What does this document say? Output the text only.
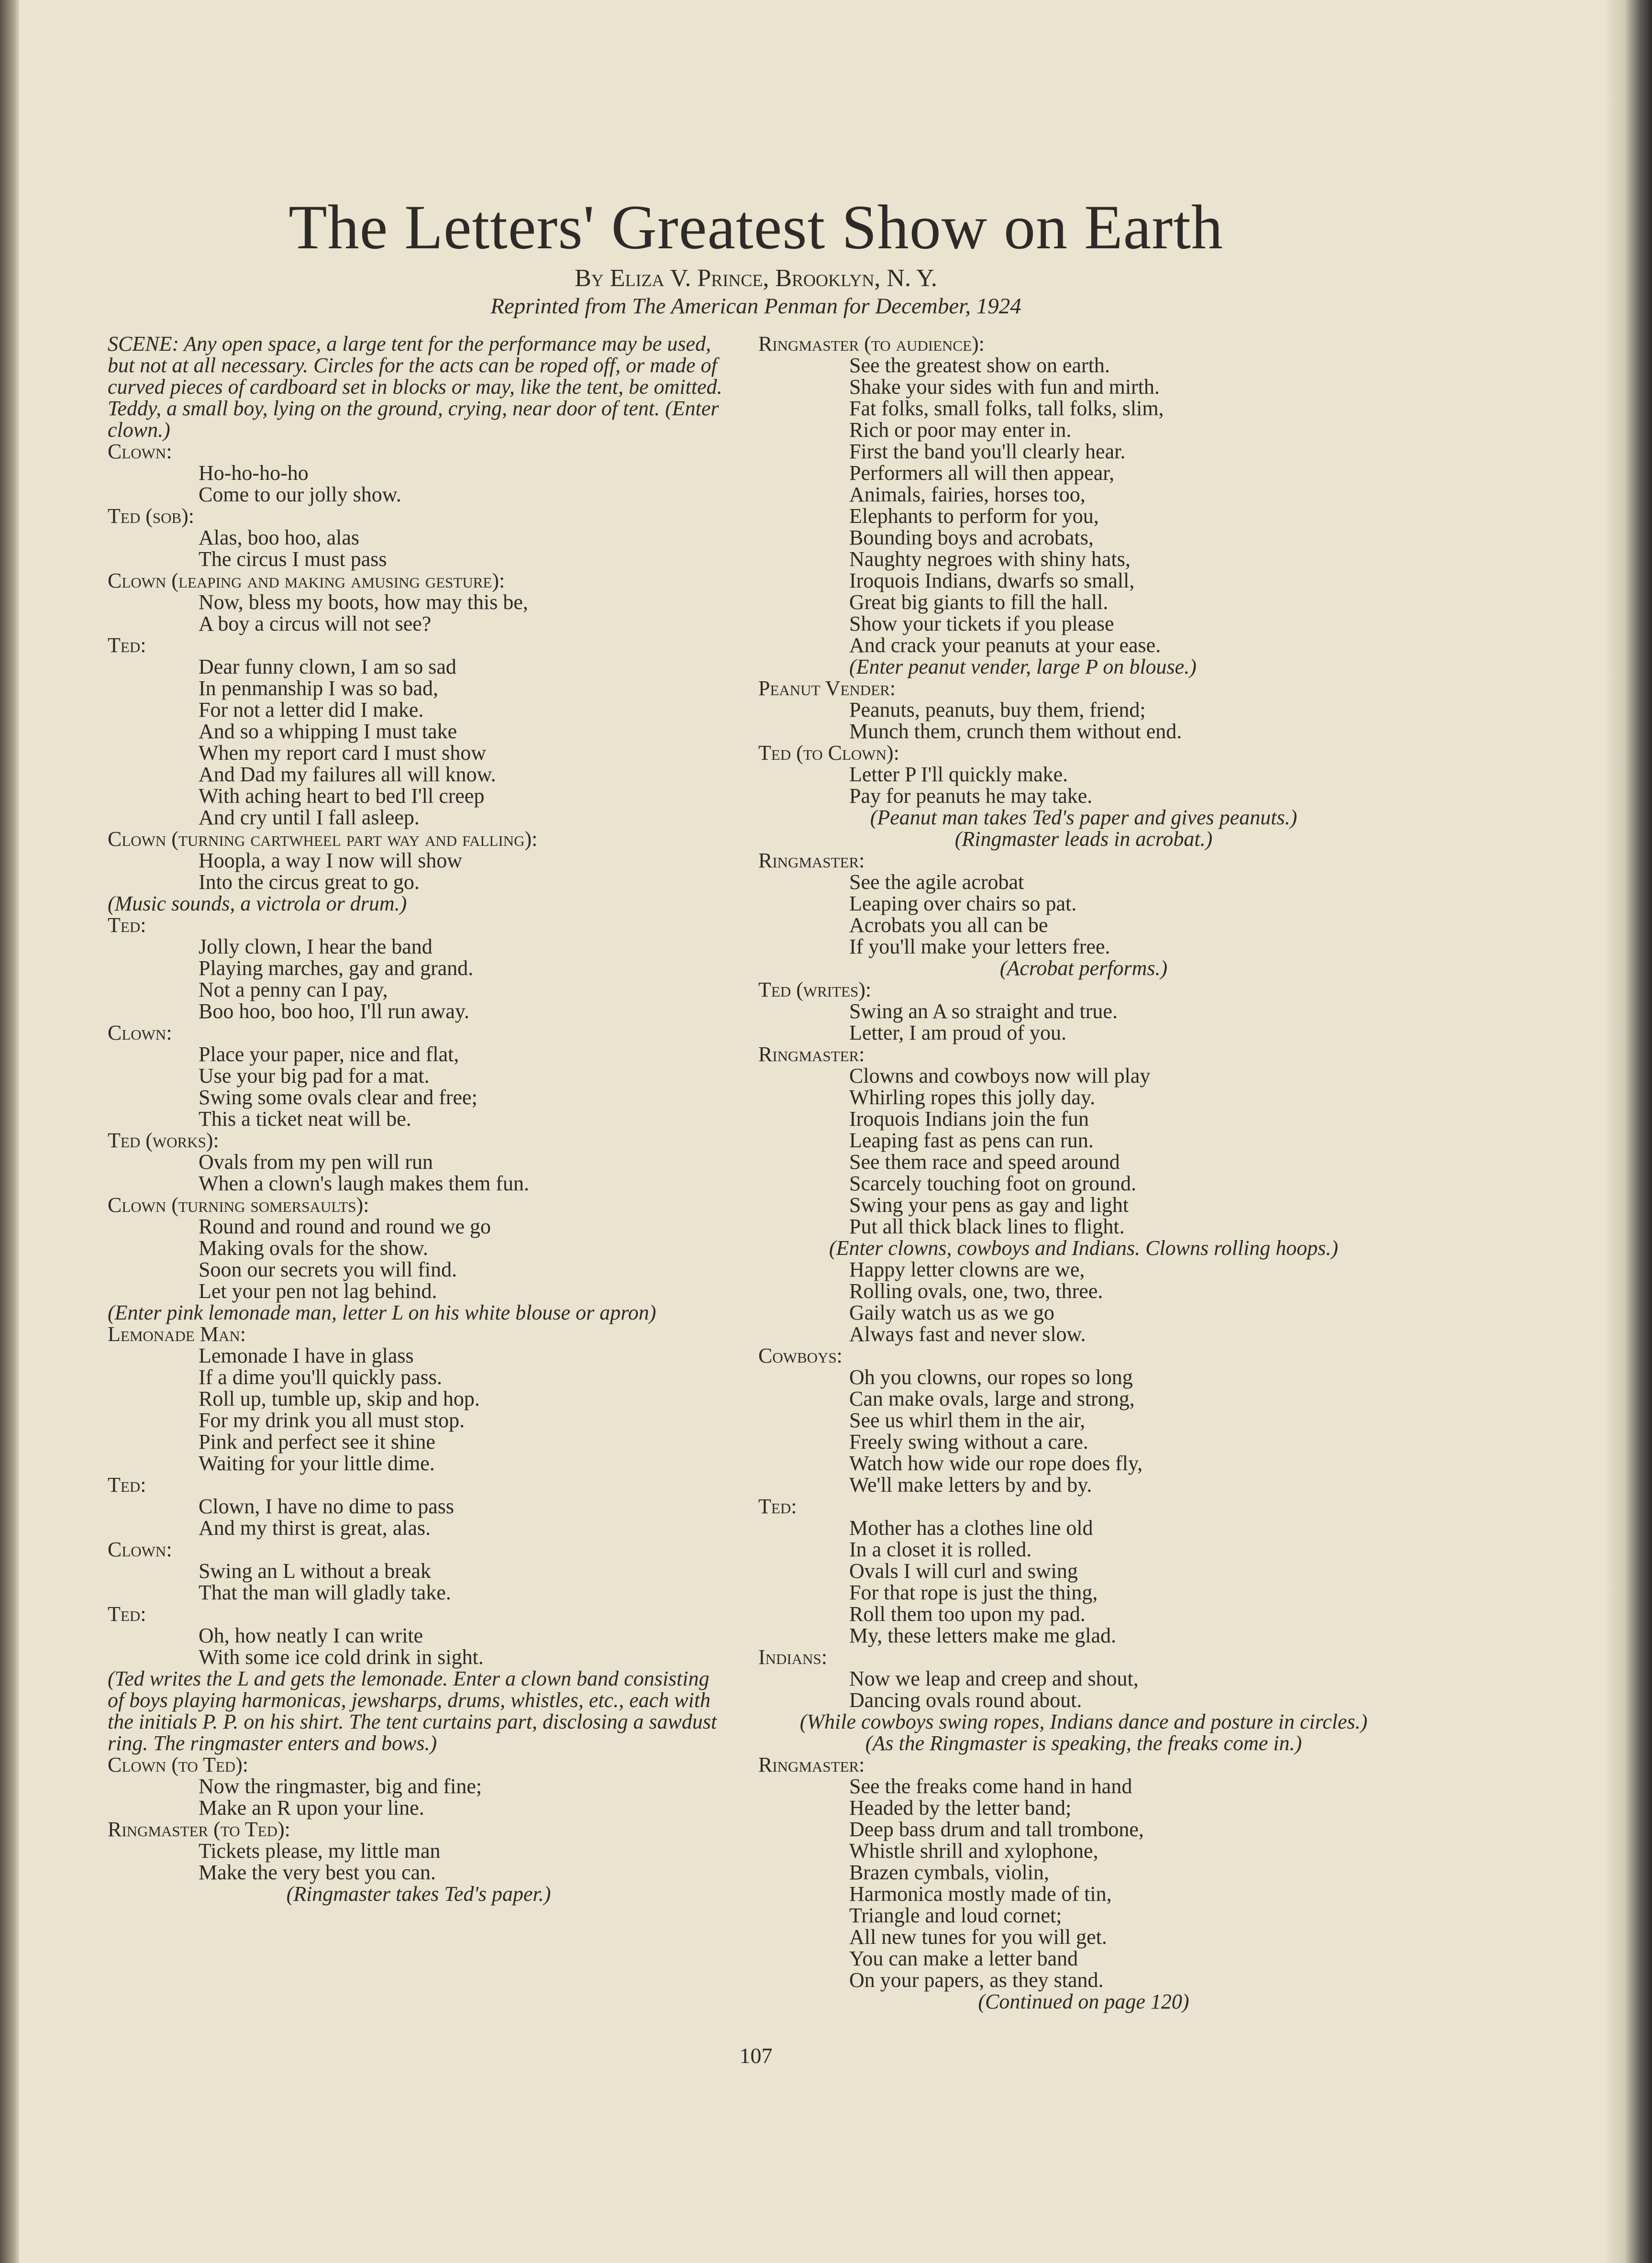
The Letters' Greatest Show on Earth
By Eliza V. Prince, Brooklyn, N. Y.
Reprinted from The American Penman for December, 1924

SCENE: Any open space, a large tent for the performance may be used, but not at all necessary. Circles for the acts can be roped off, or made of curved pieces of cardboard set in blocks or may, like the tent, be omitted.

Teddy, a small boy, lying on the ground, crying, near door of tent. (Enter clown.)

Clown:

Ho-ho-ho-ho

Come to our jolly show.

Ted (sob):

Alas, boo hoo, alas

The circus I must pass

Clown (leaping and making amusing gesture):

Now, bless my boots, how may this be,

A boy a circus will not see?

Ted:

Dear funny clown, I am so sad

In penmanship I was so bad,

For not a letter did I make.

And so a whipping I must take

When my report card I must show

And Dad my failures all will know.

With aching heart to bed I'll creep

And cry until I fall asleep.

Clown (turning cartwheel part way and falling):

Hoopla, a way I now will show

Into the circus great to go.

(Music sounds, a victrola or drum.)

Ted:

Jolly clown, I hear the band

Playing marches, gay and grand.

Not a penny can I pay,

Boo hoo, boo hoo, I'll run away.

Clown:

Place your paper, nice and flat,

Use your big pad for a mat.

Swing some ovals clear and free;

This a ticket neat will be.

Ted (works):

Ovals from my pen will run

When a clown's laugh makes them fun.

Clown (turning somersaults):

Round and round and round we go

Making ovals for the show.

Soon our secrets you will find.

Let your pen not lag behind.

(Enter pink lemonade man, letter L on his white blouse or apron)

Lemonade Man:

Lemonade I have in glass

If a dime you'll quickly pass.

Roll up, tumble up, skip and hop.

For my drink you all must stop.

Pink and perfect see it shine

Waiting for your little dime.

Ted:

Clown, I have no dime to pass

And my thirst is great, alas.

Clown:

Swing an L without a break

That the man will gladly take.

Ted:

Oh, how neatly I can write

With some ice cold drink in sight.

(Ted writes the L and gets the lemonade. Enter a clown band consisting of boys playing harmonicas, jewsharps, drums, whistles, etc., each with the initials P. P. on his shirt. The tent curtains part, disclosing a sawdust ring. The ringmaster enters and bows.)

Clown (to Ted):

Now the ringmaster, big and fine;

Make an R upon your line.

Ringmaster (to Ted):

Tickets please, my little man

Make the very best you can.

(Ringmaster takes Ted's paper.)

Ringmaster (to audience):

See the greatest show on earth.

Shake your sides with fun and mirth.

Fat folks, small folks, tall folks, slim,

Rich or poor may enter in.

First the band you'll clearly hear.

Performers all will then appear,

Animals, fairies, horses too,

Elephants to perform for you,

Bounding boys and acrobats,

Naughty negroes with shiny hats,

Iroquois Indians, dwarfs so small,

Great big giants to fill the hall.

Show your tickets if you please

And crack your peanuts at your ease.

(Enter peanut vender, large P on blouse.)

Peanut Vender:

Peanuts, peanuts, buy them, friend;

Munch them, crunch them without end.

Ted (to Clown):

Letter P I'll quickly make.

Pay for peanuts he may take.

(Peanut man takes Ted's paper and gives peanuts.)

(Ringmaster leads in acrobat.)

Ringmaster:

See the agile acrobat

Leaping over chairs so pat.

Acrobats you all can be

If you'll make your letters free.

(Acrobat performs.)

Ted (writes):

Swing an A so straight and true.

Letter, I am proud of you.

Ringmaster:

Clowns and cowboys now will play

Whirling ropes this jolly day.

Iroquois Indians join the fun

Leaping fast as pens can run.

See them race and speed around

Scarcely touching foot on ground.

Swing your pens as gay and light

Put all thick black lines to flight.

(Enter clowns, cowboys and Indians. Clowns rolling hoops.)

Happy letter clowns are we,

Rolling ovals, one, two, three.

Gaily watch us as we go

Always fast and never slow.

Cowboys:

Oh you clowns, our ropes so long

Can make ovals, large and strong,

See us whirl them in the air,

Freely swing without a care.

Watch how wide our rope does fly,

We'll make letters by and by.

Ted:

Mother has a clothes line old

In a closet it is rolled.

Ovals I will curl and swing

For that rope is just the thing,

Roll them too upon my pad.

My, these letters make me glad.

Indians:

Now we leap and creep and shout,

Dancing ovals round about.

(While cowboys swing ropes, Indians dance and posture in circles.)

(As the Ringmaster is speaking, the freaks come in.)

Ringmaster:

See the freaks come hand in hand

Headed by the letter band;

Deep bass drum and tall trombone,

Whistle shrill and xylophone,

Brazen cymbals, violin,

Harmonica mostly made of tin,

Triangle and loud cornet;

All new tunes for you will get.

You can make a letter band

On your papers, as they stand.

(Continued on page 120)

107
